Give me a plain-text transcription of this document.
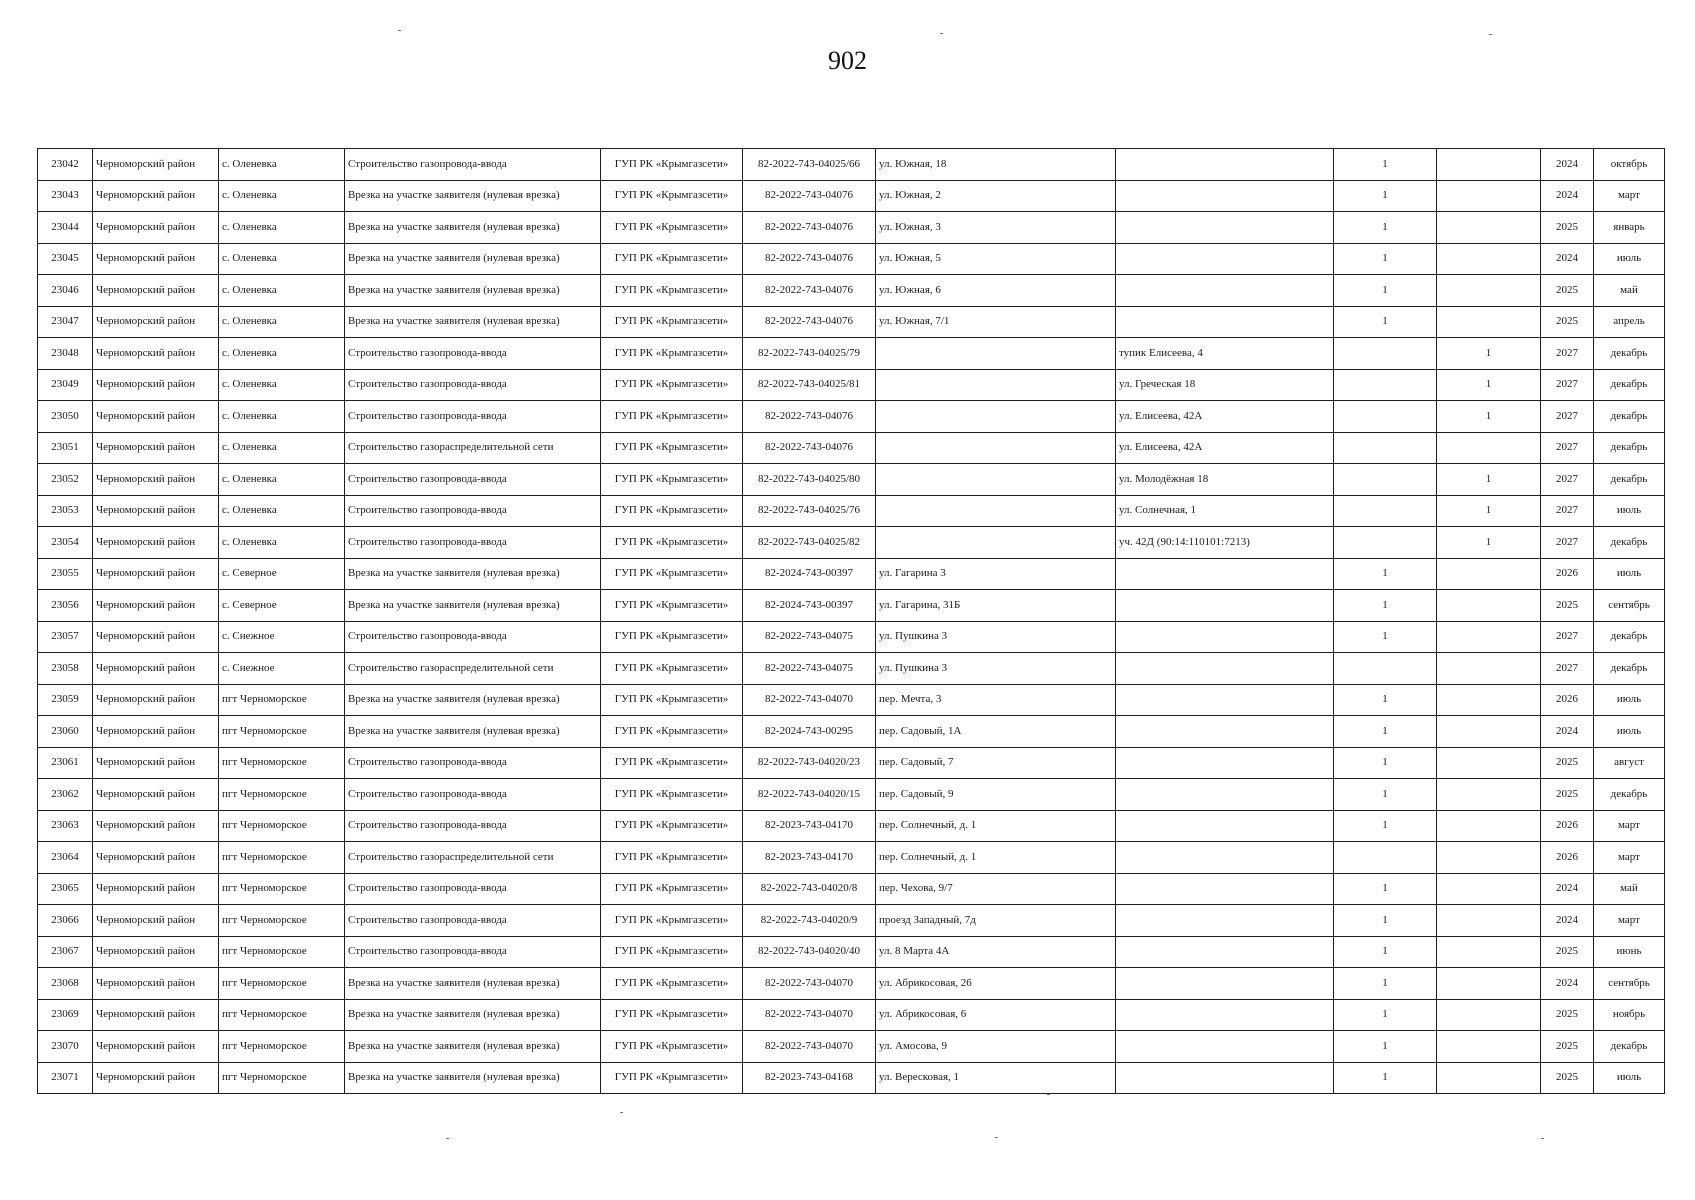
902
23042	Черноморский район	с. Оленевка	Строительство газопровода-ввода	ГУП РК «Крымгазсети»	82-2022-743-04025/66	ул. Южная, 18		1		2024	октябрь
23043	Черноморский район	с. Оленевка	Врезка на участке заявителя (нулевая врезка)	ГУП РК «Крымгазсети»	82-2022-743-04076	ул. Южная, 2		1		2024	март
23044	Черноморский район	с. Оленевка	Врезка на участке заявителя (нулевая врезка)	ГУП РК «Крымгазсети»	82-2022-743-04076	ул. Южная, 3		1		2025	январь
23045	Черноморский район	с. Оленевка	Врезка на участке заявителя (нулевая врезка)	ГУП РК «Крымгазсети»	82-2022-743-04076	ул. Южная, 5		1		2024	июль
23046	Черноморский район	с. Оленевка	Врезка на участке заявителя (нулевая врезка)	ГУП РК «Крымгазсети»	82-2022-743-04076	ул. Южная, 6		1		2025	май
23047	Черноморский район	с. Оленевка	Врезка на участке заявителя (нулевая врезка)	ГУП РК «Крымгазсети»	82-2022-743-04076	ул. Южная, 7/1		1		2025	апрель
23048	Черноморский район	с. Оленевка	Строительство газопровода-ввода	ГУП РК «Крымгазсети»	82-2022-743-04025/79		тупик Елисеева, 4		1	2027	декабрь
23049	Черноморский район	с. Оленевка	Строительство газопровода-ввода	ГУП РК «Крымгазсети»	82-2022-743-04025/81		ул. Греческая 18		1	2027	декабрь
23050	Черноморский район	с. Оленевка	Строительство газопровода-ввода	ГУП РК «Крымгазсети»	82-2022-743-04076		ул. Елисеева, 42А		1	2027	декабрь
23051	Черноморский район	с. Оленевка	Строительство газораспределительной сети	ГУП РК «Крымгазсети»	82-2022-743-04076		ул. Елисеева, 42А			2027	декабрь
23052	Черноморский район	с. Оленевка	Строительство газопровода-ввода	ГУП РК «Крымгазсети»	82-2022-743-04025/80		ул. Молодёжная 18		1	2027	декабрь
23053	Черноморский район	с. Оленевка	Строительство газопровода-ввода	ГУП РК «Крымгазсети»	82-2022-743-04025/76		ул. Солнечная, 1		1	2027	июль
23054	Черноморский район	с. Оленевка	Строительство газопровода-ввода	ГУП РК «Крымгазсети»	82-2022-743-04025/82		уч. 42Д (90:14:110101:7213)		1	2027	декабрь
23055	Черноморский район	с. Северное	Врезка на участке заявителя (нулевая врезка)	ГУП РК «Крымгазсети»	82-2024-743-00397	ул. Гагарина 3		1		2026	июль
23056	Черноморский район	с. Северное	Врезка на участке заявителя (нулевая врезка)	ГУП РК «Крымгазсети»	82-2024-743-00397	ул. Гагарина, 31Б		1		2025	сентябрь
23057	Черноморский район	с. Снежное	Строительство газопровода-ввода	ГУП РК «Крымгазсети»	82-2022-743-04075	ул. Пушкина 3		1		2027	декабрь
23058	Черноморский район	с. Снежное	Строительство газораспределительной сети	ГУП РК «Крымгазсети»	82-2022-743-04075	ул. Пушкина 3				2027	декабрь
23059	Черноморский район	пгт Черноморское	Врезка на участке заявителя (нулевая врезка)	ГУП РК «Крымгазсети»	82-2022-743-04070	пер. Мечта, 3		1		2026	июль
23060	Черноморский район	пгт Черноморское	Врезка на участке заявителя (нулевая врезка)	ГУП РК «Крымгазсети»	82-2024-743-00295	пер. Садовый, 1А		1		2024	июль
23061	Черноморский район	пгт Черноморское	Строительство газопровода-ввода	ГУП РК «Крымгазсети»	82-2022-743-04020/23	пер. Садовый, 7		1		2025	август
23062	Черноморский район	пгт Черноморское	Строительство газопровода-ввода	ГУП РК «Крымгазсети»	82-2022-743-04020/15	пер. Садовый, 9		1		2025	декабрь
23063	Черноморский район	пгт Черноморское	Строительство газопровода-ввода	ГУП РК «Крымгазсети»	82-2023-743-04170	пер. Солнечный, д. 1		1		2026	март
23064	Черноморский район	пгт Черноморское	Строительство газораспределительной сети	ГУП РК «Крымгазсети»	82-2023-743-04170	пер. Солнечный, д. 1				2026	март
23065	Черноморский район	пгт Черноморское	Строительство газопровода-ввода	ГУП РК «Крымгазсети»	82-2022-743-04020/8	пер. Чехова, 9/7		1		2024	май
23066	Черноморский район	пгт Черноморское	Строительство газопровода-ввода	ГУП РК «Крымгазсети»	82-2022-743-04020/9	проезд Западный, 7д		1		2024	март
23067	Черноморский район	пгт Черноморское	Строительство газопровода-ввода	ГУП РК «Крымгазсети»	82-2022-743-04020/40	ул. 8 Марта 4А		1		2025	июнь
23068	Черноморский район	пгт Черноморское	Врезка на участке заявителя (нулевая врезка)	ГУП РК «Крымгазсети»	82-2022-743-04070	ул. Абрикосовая, 26		1		2024	сентябрь
23069	Черноморский район	пгт Черноморское	Врезка на участке заявителя (нулевая врезка)	ГУП РК «Крымгазсети»	82-2022-743-04070	ул. Абрикосовая, 6		1		2025	ноябрь
23070	Черноморский район	пгт Черноморское	Врезка на участке заявителя (нулевая врезка)	ГУП РК «Крымгазсети»	82-2022-743-04070	ул. Амосова, 9		1		2025	декабрь
23071	Черноморский район	пгт Черноморское	Врезка на участке заявителя (нулевая врезка)	ГУП РК «Крымгазсети»	82-2023-743-04168	ул. Вересковая, 1		1		2025	июль
